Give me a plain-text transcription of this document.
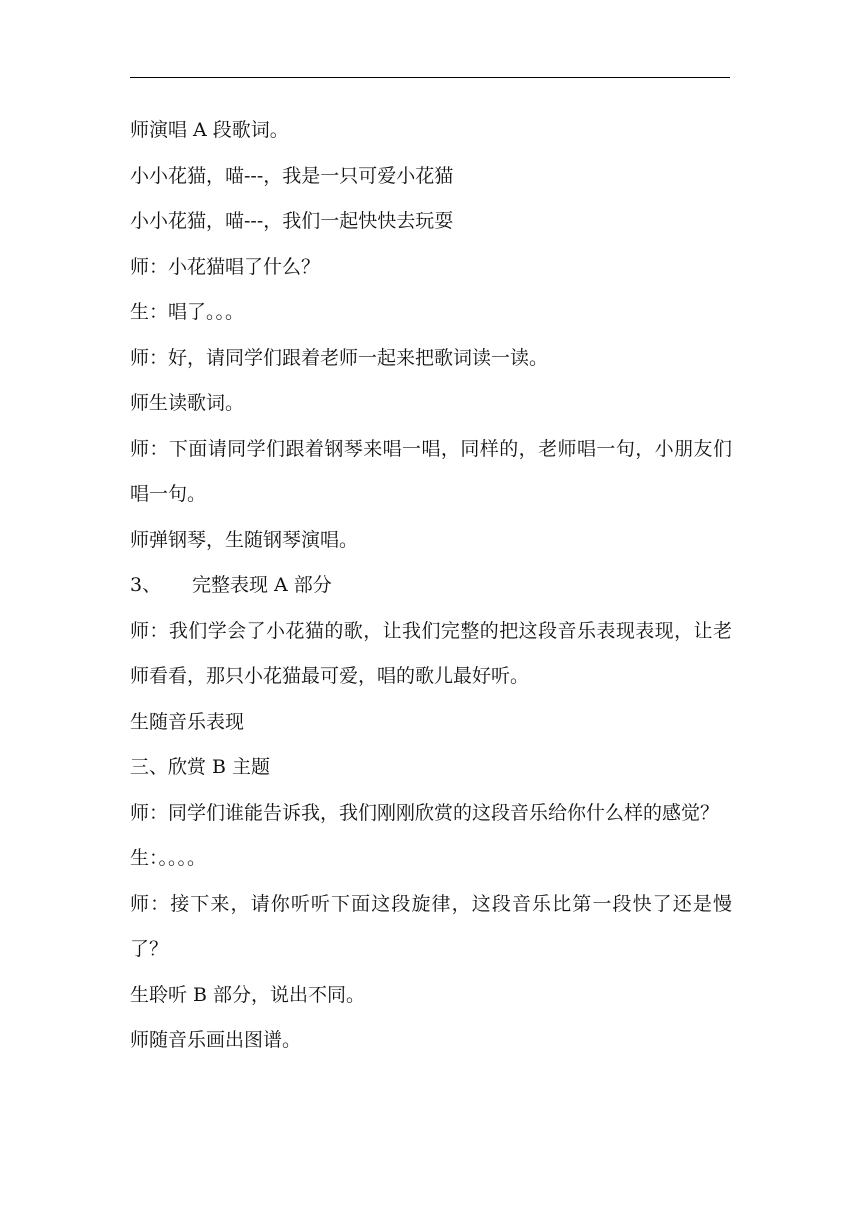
师演唱 A 段歌词。

小小花猫，喵---，我是一只可爱小花猫

小小花猫，喵---，我们一起快快去玩耍

师：小花猫唱了什么？

生：唱了。。。

师：好，请同学们跟着老师一起来把歌词读一读。

师生读歌词。

师：下面请同学们跟着钢琴来唱一唱，同样的，老师唱一句，小朋友们唱一句。

师弹钢琴，生随钢琴演唱。

3、	完整表现 A 部分

师：我们学会了小花猫的歌，让我们完整的把这段音乐表现表现，让老师看看，那只小花猫最可爱，唱的歌儿最好听。

生随音乐表现

三、欣赏 B 主题

师：同学们谁能告诉我，我们刚刚欣赏的这段音乐给你什么样的感觉？

生：。。。。

师：接下来，请你听听下面这段旋律，这段音乐比第一段快了还是慢了？

生聆听 B 部分，说出不同。

师随音乐画出图谱。
